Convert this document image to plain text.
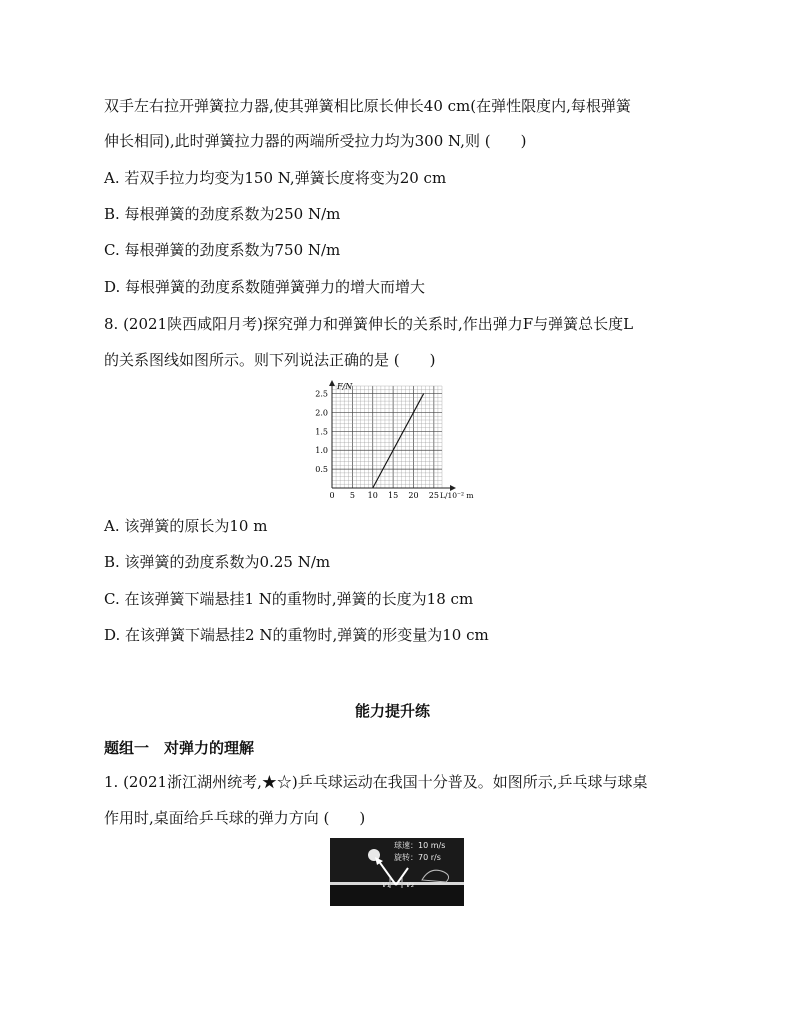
双手左右拉开弹簧拉力器,使其弹簧相比原长伸长40 cm(在弹性限度内,每根弹簧
伸长相同),此时弹簧拉力器的两端所受拉力均为300 N,则 (　　)
A. 若双手拉力均变为150 N,弹簧长度将变为20 cm
B. 每根弹簧的劲度系数为250 N/m
C. 每根弹簧的劲度系数为750 N/m
D. 每根弹簧的劲度系数随弹簧弹力的增大而增大
8. (2021陕西咸阳月考)探究弹力和弹簧伸长的关系时,作出弹力F与弹簧总长度L
的关系图线如图所示。则下列说法正确的是 (　　)
0 5 10 15 20 25
0.5
1.0
1.5
2.0
2.5
F/N
L/10⁻² m
A. 该弹簧的原长为10 m
B. 该弹簧的劲度系数为0.25 N/m
C. 在该弹簧下端悬挂1 N的重物时,弹簧的长度为18 cm
D. 在该弹簧下端悬挂2 N的重物时,弹簧的形变量为10 cm
能力提升练
题组一　对弹力的理解
1. (2021浙江湖州统考,★☆)乒乓球运动在我国十分普及。如图所示,乒乓球与球桌
作用时,桌面给乒乓球的弹力方向 (　　)
球速：10 m/s
旋转：70 r/s
v₁ v₂
